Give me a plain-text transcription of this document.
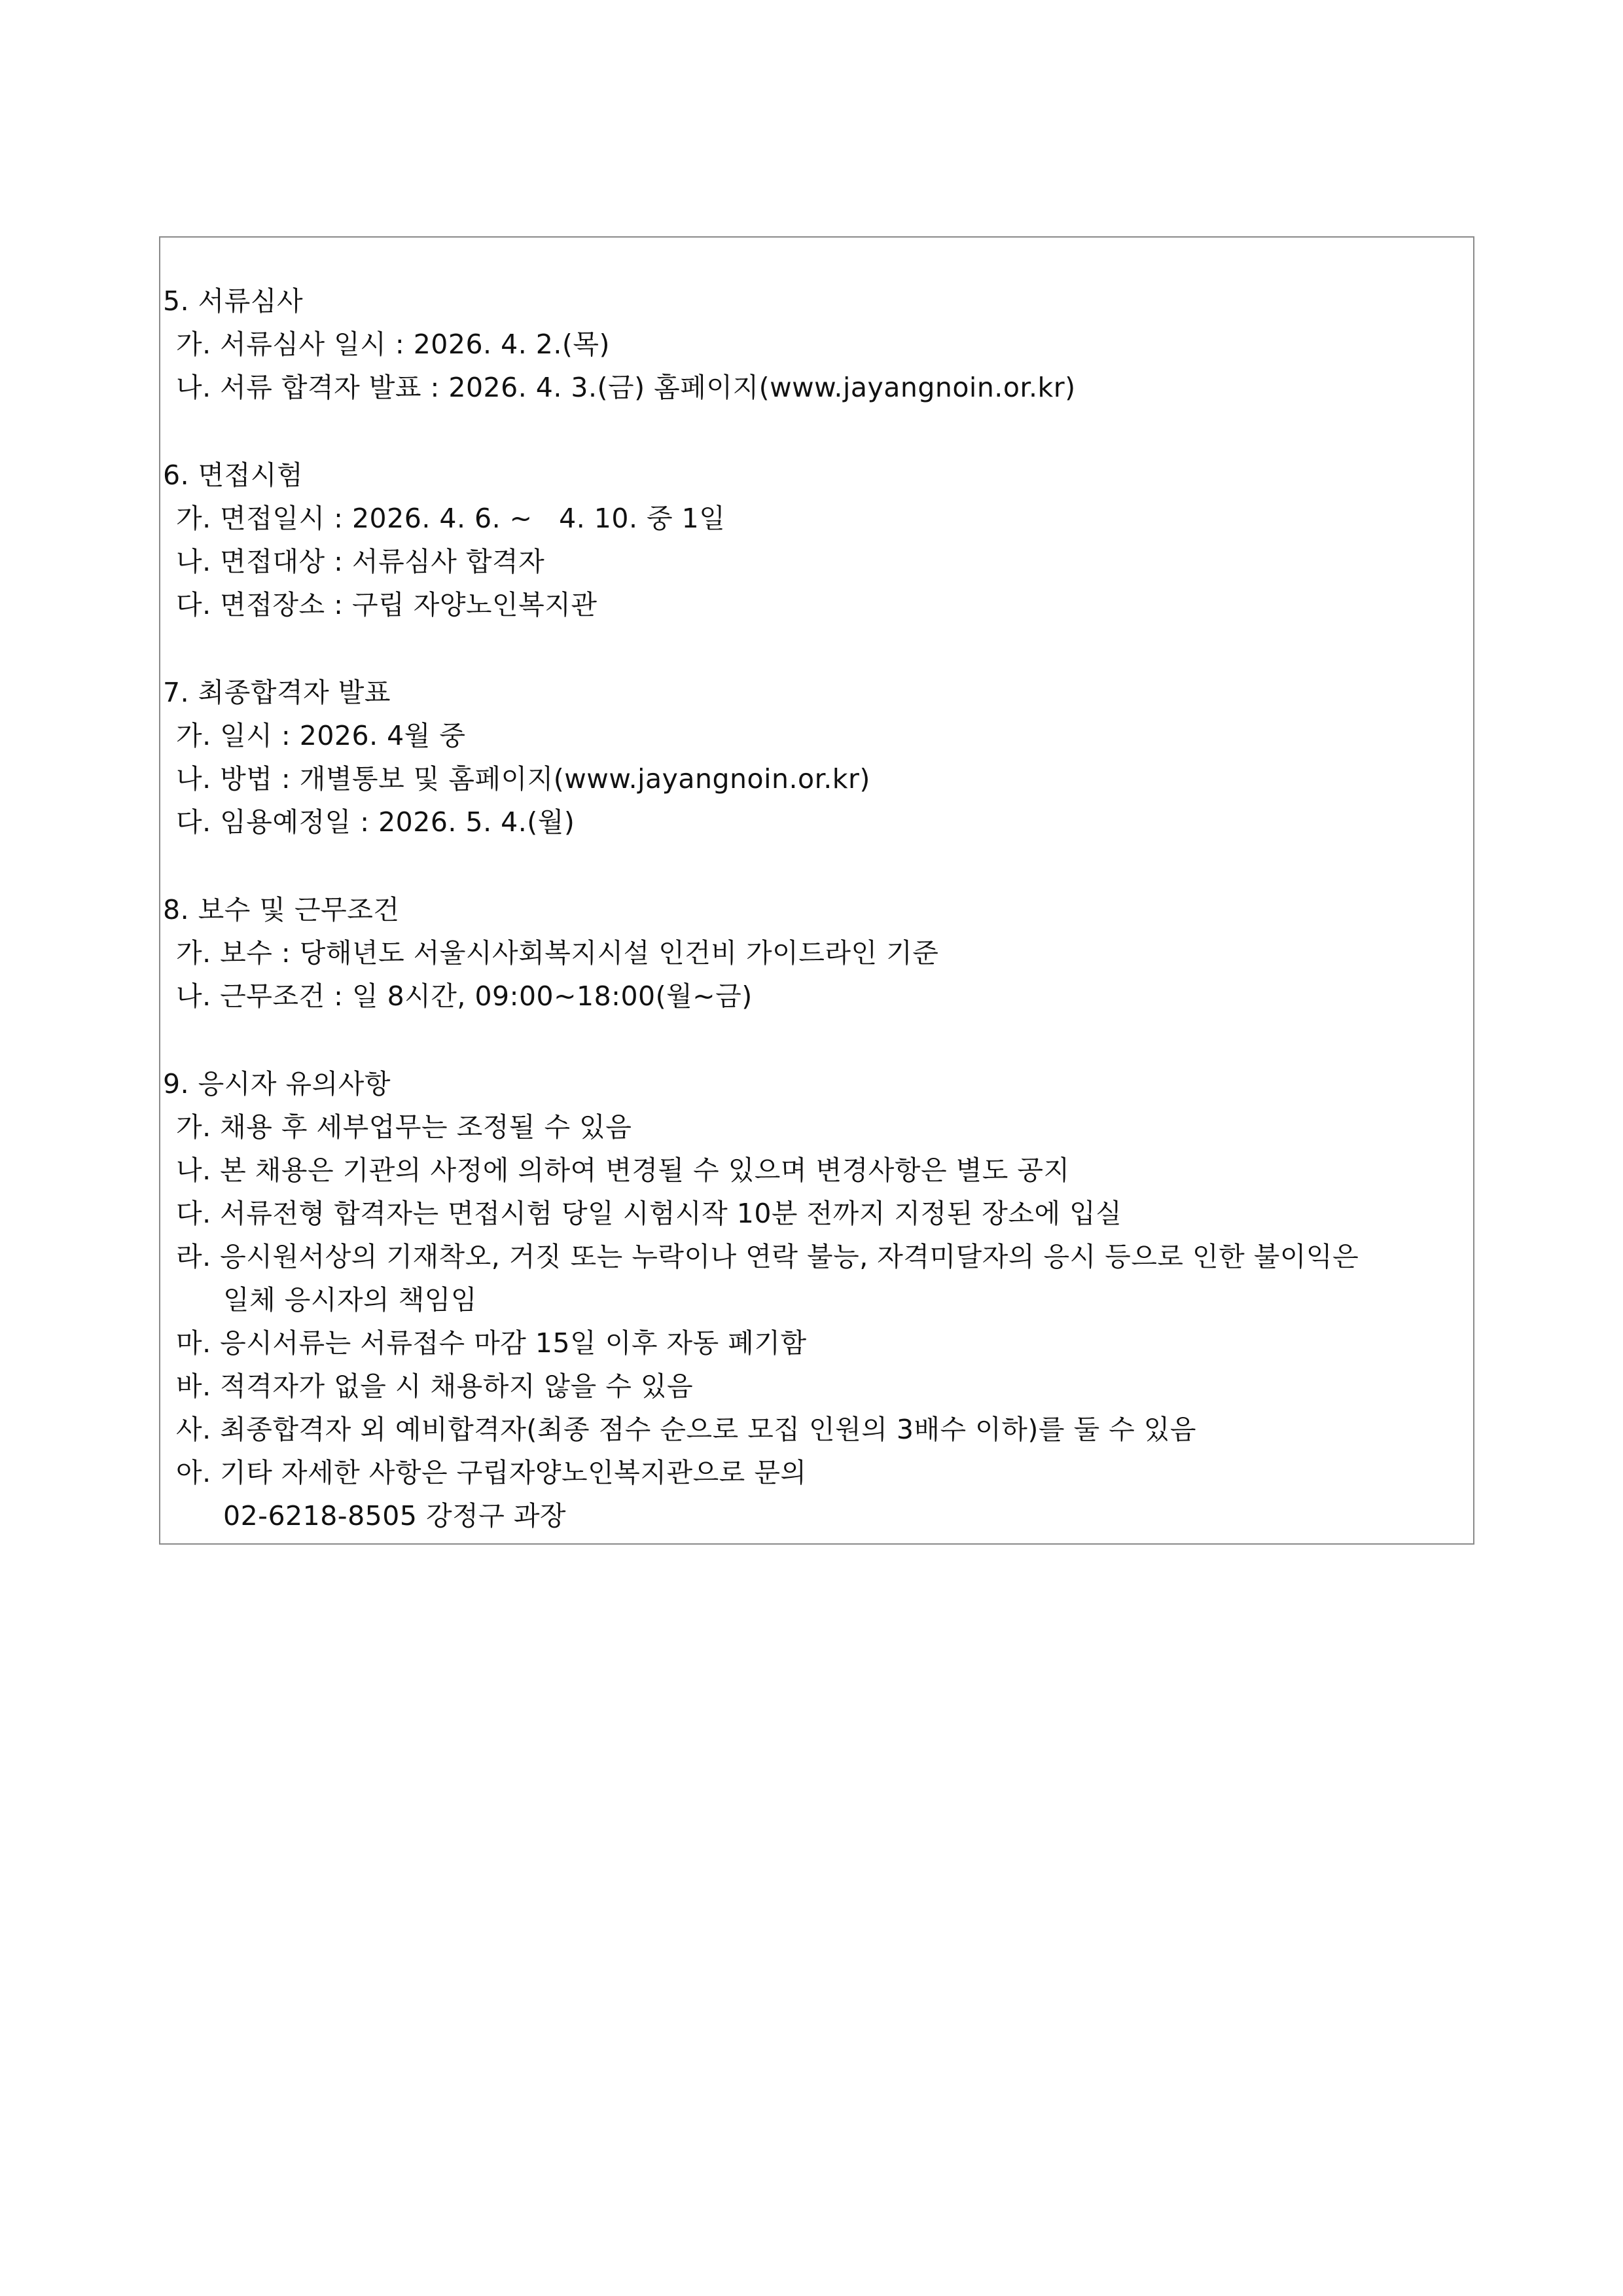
5. 서류심사
가. 서류심사 일시 : 2026. 4. 2.(목)
나. 서류 합격자 발표 : 2026. 4. 3.(금) 홈페이지(www.jayangnoin.or.kr)
6. 면접시험
가. 면접일시 : 2026. 4. 6. ~   4. 10. 중 1일
나. 면접대상 : 서류심사 합격자
다. 면접장소 : 구립 자양노인복지관
7. 최종합격자 발표
가. 일시 : 2026. 4월 중
나. 방법 : 개별통보 및 홈페이지(www.jayangnoin.or.kr)
다. 임용예정일 : 2026. 5. 4.(월)
8. 보수 및 근무조건
가. 보수 : 당해년도 서울시사회복지시설 인건비 가이드라인 기준
나. 근무조건 : 일 8시간, 09:00~18:00(월~금)
9. 응시자 유의사항
가. 채용 후 세부업무는 조정될 수 있음
나. 본 채용은 기관의 사정에 의하여 변경될 수 있으며 변경사항은 별도 공지
다. 서류전형 합격자는 면접시험 당일 시험시작 10분 전까지 지정된 장소에 입실
라. 응시원서상의 기재착오, 거짓 또는 누락이나 연락 불능, 자격미달자의 응시 등으로 인한 불이익은
일체 응시자의 책임임
마. 응시서류는 서류접수 마감 15일 이후 자동 폐기함
바. 적격자가 없을 시 채용하지 않을 수 있음
사. 최종합격자 외 예비합격자(최종 점수 순으로 모집 인원의 3배수 이하)를 둘 수 있음
아. 기타 자세한 사항은 구립자양노인복지관으로 문의
02-6218-8505 강정구 과장
